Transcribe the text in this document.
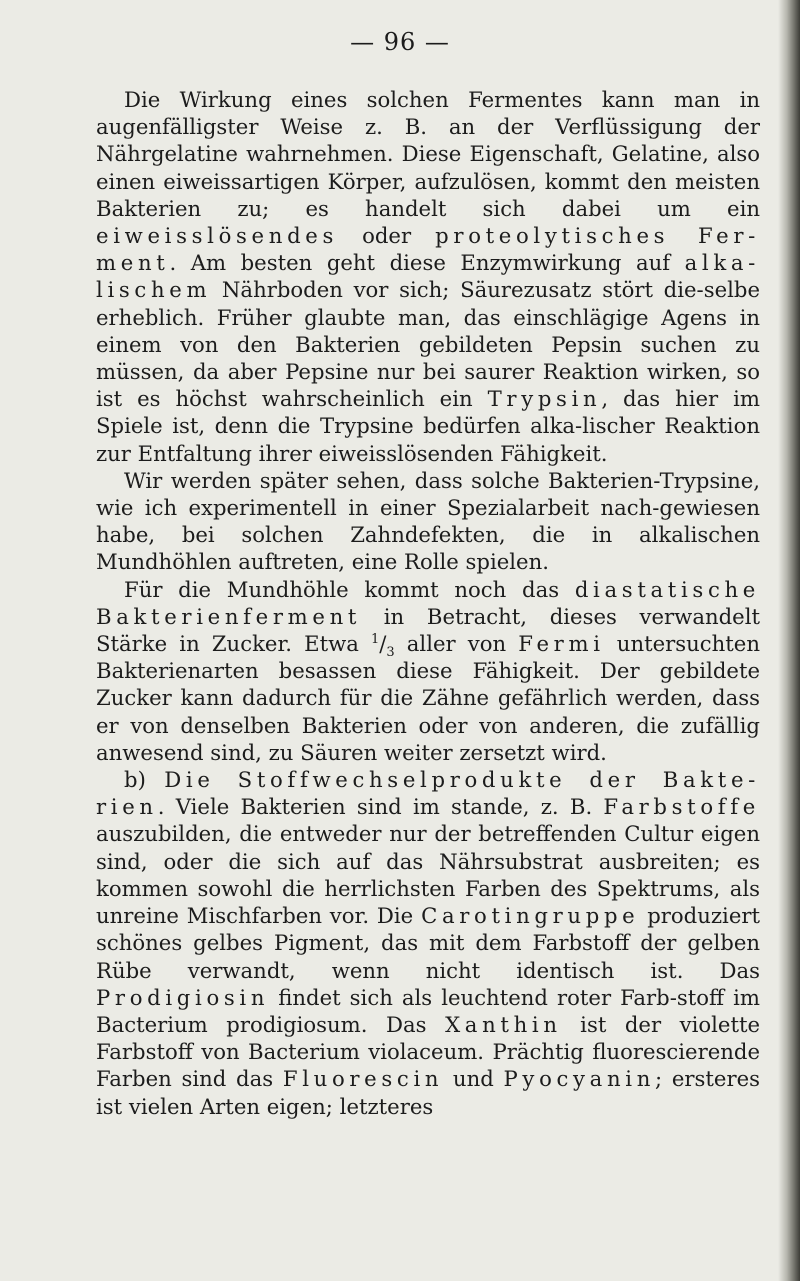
— 96 —

Die Wirkung eines solchen Fermentes kann man in augenfälligster Weise z. B. an der Verflüssigung der Nährgelatine wahrnehmen. Diese Eigenschaft, Gelatine, also einen eiweissartigen Körper, aufzulösen, kommt den meisten Bakterien zu; es handelt sich dabei um ein eiweisslösendes oder proteolytisches Fer-ment. Am besten geht diese Enzymwirkung auf alka-lischem Nährboden vor sich; Säurezusatz stört die-selbe erheblich. Früher glaubte man, das einschlägige Agens in einem von den Bakterien gebildeten Pepsin suchen zu müssen, da aber Pepsine nur bei saurer Reaktion wirken, so ist es höchst wahrscheinlich ein Trypsin, das hier im Spiele ist, denn die Trypsine bedürfen alka-lischer Reaktion zur Entfaltung ihrer eiweisslösenden Fähigkeit.

Wir werden später sehen, dass solche Bakterien-Trypsine, wie ich experimentell in einer Spezialarbeit nach-gewiesen habe, bei solchen Zahndefekten, die in alkalischen Mundhöhlen auftreten, eine Rolle spielen.

Für die Mundhöhle kommt noch das diastatische Bakterienferment in Betracht, dieses verwandelt Stärke in Zucker. Etwa $^1/_3$ aller von Fermi untersuchten Bakterienarten besassen diese Fähigkeit. Der gebildete Zucker kann dadurch für die Zähne gefährlich werden, dass er von denselben Bakterien oder von anderen, die zufällig anwesend sind, zu Säuren weiter zersetzt wird.

b) Die Stoffwechselprodukte der Bakte-rien. Viele Bakterien sind im stande, z. B. Farbstoffe auszubilden, die entweder nur der betreffenden Cultur eigen sind, oder die sich auf das Nährsubstrat ausbreiten; es kommen sowohl die herrlichsten Farben des Spektrums, als unreine Mischfarben vor. Die Carotingruppe produziert schönes gelbes Pigment, das mit dem Farbstoff der gelben Rübe verwandt, wenn nicht identisch ist. Das Prodigiosin findet sich als leuchtend roter Farb-stoff im Bacterium prodigiosum. Das Xanthin ist der violette Farbstoff von Bacterium violaceum. Prächtig fluorescierende Farben sind das Fluorescin und Pyocyanin; ersteres ist vielen Arten eigen; letzteres
